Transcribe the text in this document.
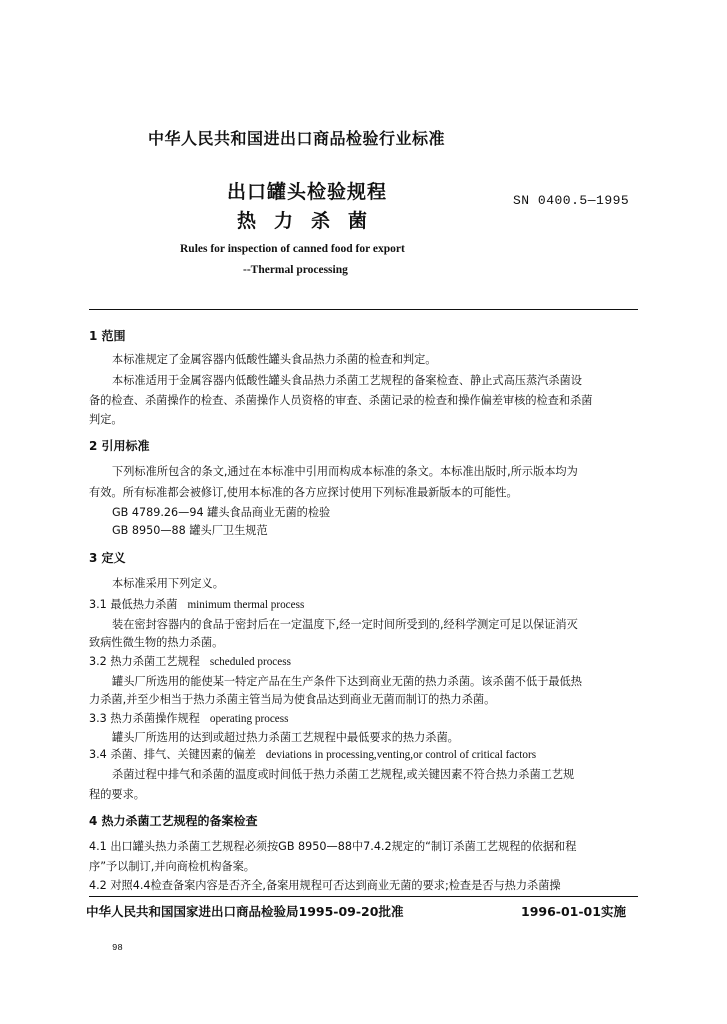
中华人民共和国进出口商品检验行业标准
出口罐头检验规程
热力杀菌
SN 0400.5—1995
Rules for inspection of canned food for export
--Thermal processing
1 范围
本标准规定了金属容器内低酸性罐头食品热力杀菌的检查和判定。
本标准适用于金属容器内低酸性罐头食品热力杀菌工艺规程的备案检查、静止式高压蒸汽杀菌设
备的检查、杀菌操作的检查、杀菌操作人员资格的审查、杀菌记录的检查和操作偏差审核的检查和杀菌
判定。
2 引用标准
下列标准所包含的条文,通过在本标准中引用而构成本标准的条文。本标准出版时,所示版本均为
有效。所有标准都会被修订,使用本标准的各方应探讨使用下列标准最新版本的可能性。
GB 4789.26—94 罐头食品商业无菌的检验
GB 8950—88 罐头厂卫生规范
3 定义
本标准采用下列定义。
3.1 最低热力杀菌 minimum thermal process
装在密封容器内的食品于密封后在一定温度下,经一定时间所受到的,经科学测定可足以保证消灭
致病性微生物的热力杀菌。
3.2 热力杀菌工艺规程 scheduled process
罐头厂所选用的能使某一特定产品在生产条件下达到商业无菌的热力杀菌。该杀菌不低于最低热
力杀菌,并至少相当于热力杀菌主管当局为使食品达到商业无菌而制订的热力杀菌。
3.3 热力杀菌操作规程 operating process
罐头厂所选用的达到或超过热力杀菌工艺规程中最低要求的热力杀菌。
3.4 杀菌、排气、关键因素的偏差 deviations in processing,venting,or control of critical factors
杀菌过程中排气和杀菌的温度或时间低于热力杀菌工艺规程,或关键因素不符合热力杀菌工艺规
程的要求。
4 热力杀菌工艺规程的备案检查
4.1 出口罐头热力杀菌工艺规程必须按GB 8950—88中7.4.2规定的“制订杀菌工艺规程的依据和程
序”予以制订,并向商检机构备案。
4.2 对照4.4检查备案内容是否齐全,备案用规程可否达到商业无菌的要求;检查是否与热力杀菌操
中华人民共和国国家进出口商品检验局1995-09-20批准	1996-01-01实施
98
